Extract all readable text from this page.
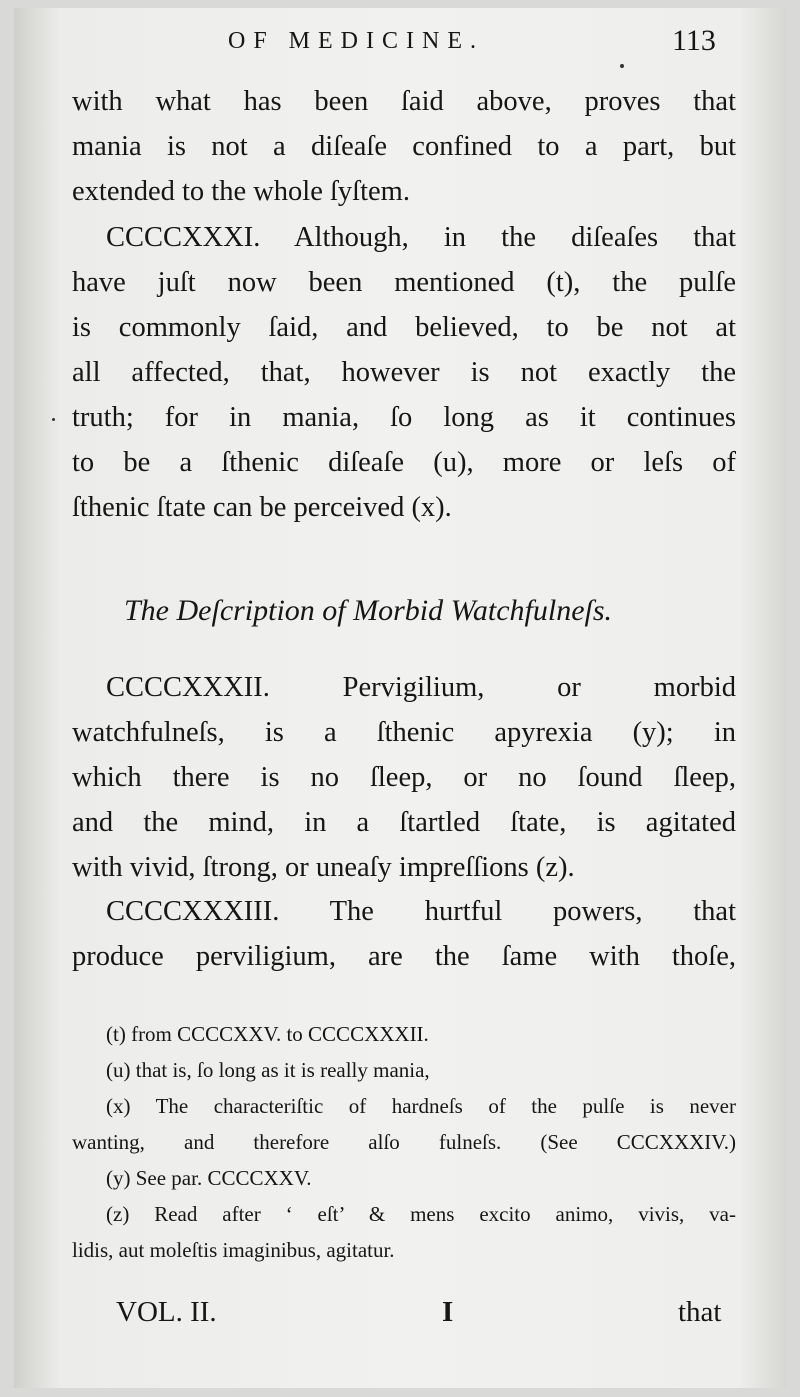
OF MEDICINE.	113
with what has been ſaid above, proves that
mania is not a diſeaſe confined to a part, but
extended to the whole ſyſtem.
CCCCXXXI. Although, in the diſeaſes that
have juſt now been mentioned (t), the pulſe
is commonly ſaid, and believed, to be not at
all affected, that, however is not exactly the
truth; for in mania, ſo long as it continues
to be a ſthenic diſeaſe (u), more or leſs of
ſthenic ſtate can be perceived (x).
The Deſcription of Morbid Watchfulneſs.
CCCCXXXII. Pervigilium, or morbid
watchfulneſs, is a ſthenic apyrexia (y); in
which there is no ſleep, or no ſound ſleep,
and the mind, in a ſtartled ſtate, is agitated
with vivid, ſtrong, or uneaſy impreſſions (z).
CCCCXXXIII. The hurtful powers, that
produce perviligium, are the ſame with thoſe,
(t) from CCCCXXV. to CCCCXXXII.
(u) that is, ſo long as it is really mania,
(x) The characteriſtic of hardneſs of the pulſe is never
wanting, and therefore alſo fulneſs. (See CCCXXXIV.)
(y) See par. CCCCXXV.
(z) Read after ‘ eſt’ & mens excito animo, vivis, va-
lidis, aut moleſtis imaginibus, agitatur.
VOL. II.	I	that
